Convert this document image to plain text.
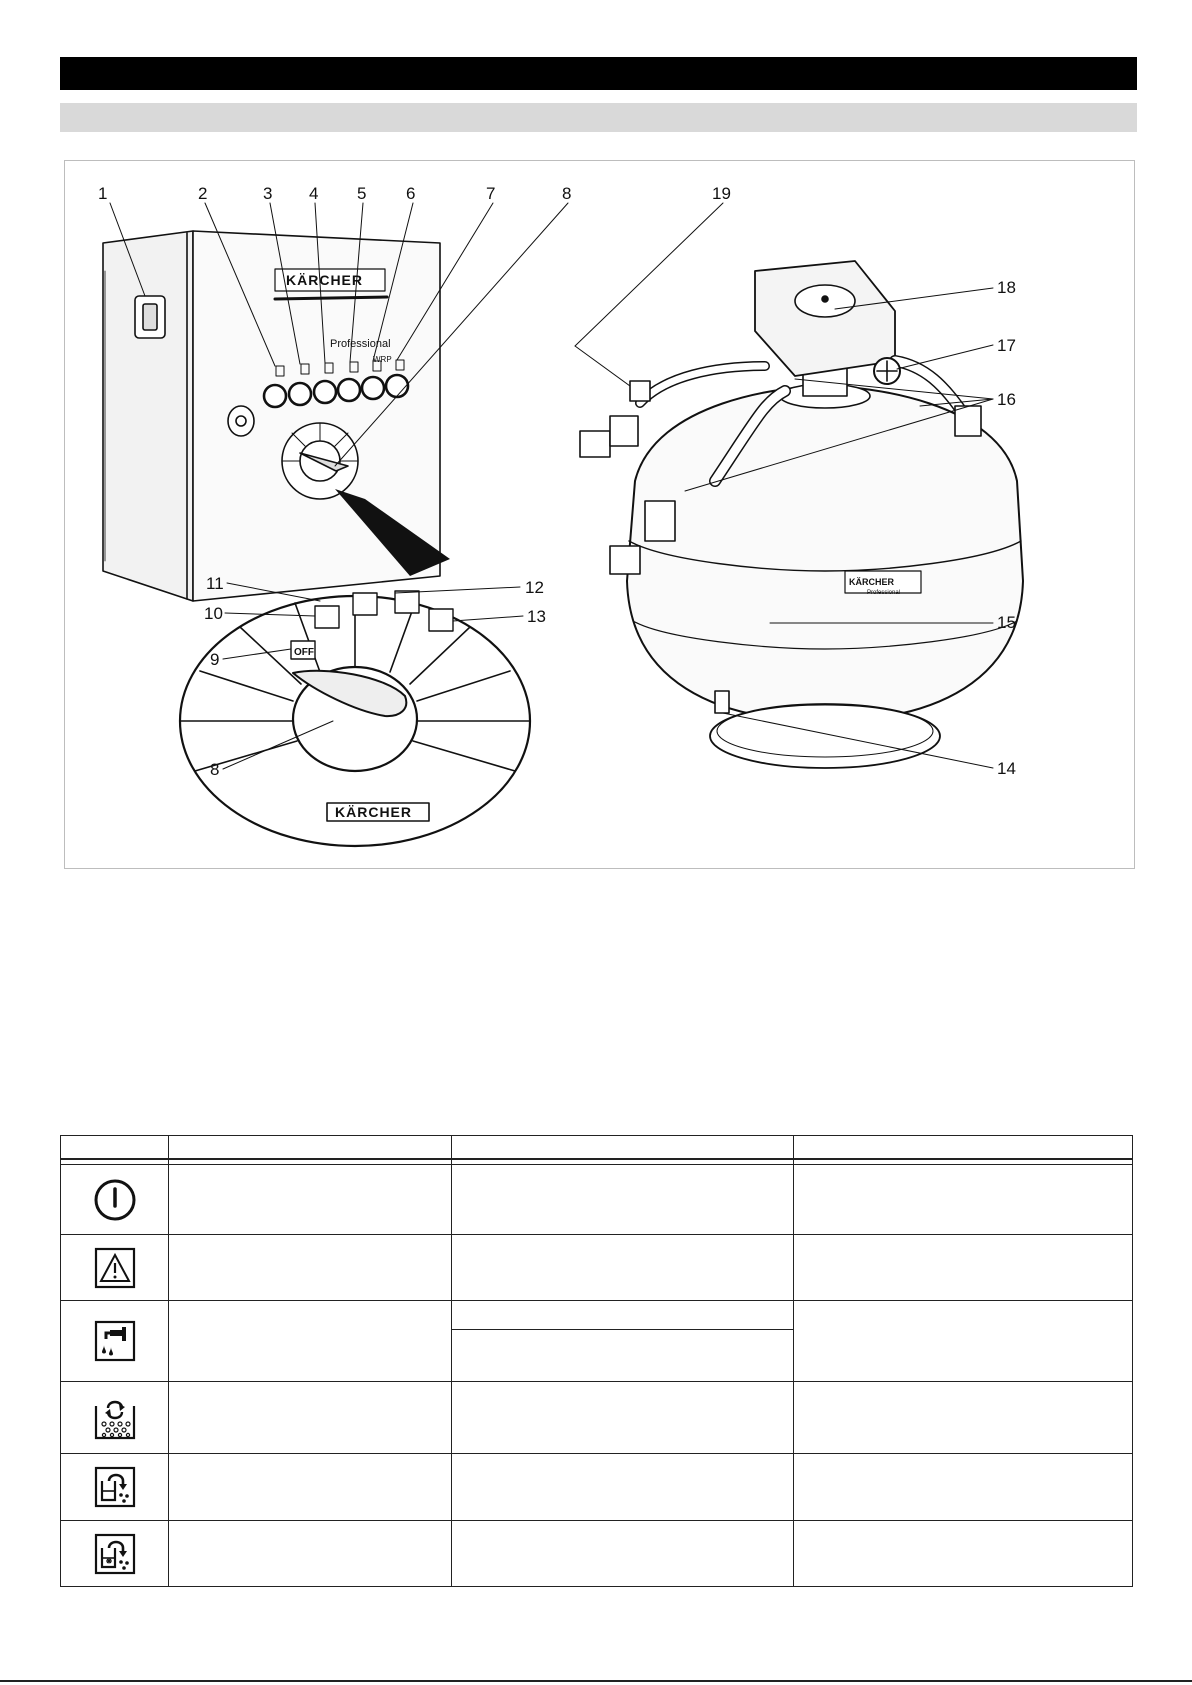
1	2	3 4 5 6	7	8	19
18
17
16
15
14
11	12
10	13
9
8
KÄRCHER
Professional
WRP
OFF
KÄRCHER
KÄRCHER
Professional
